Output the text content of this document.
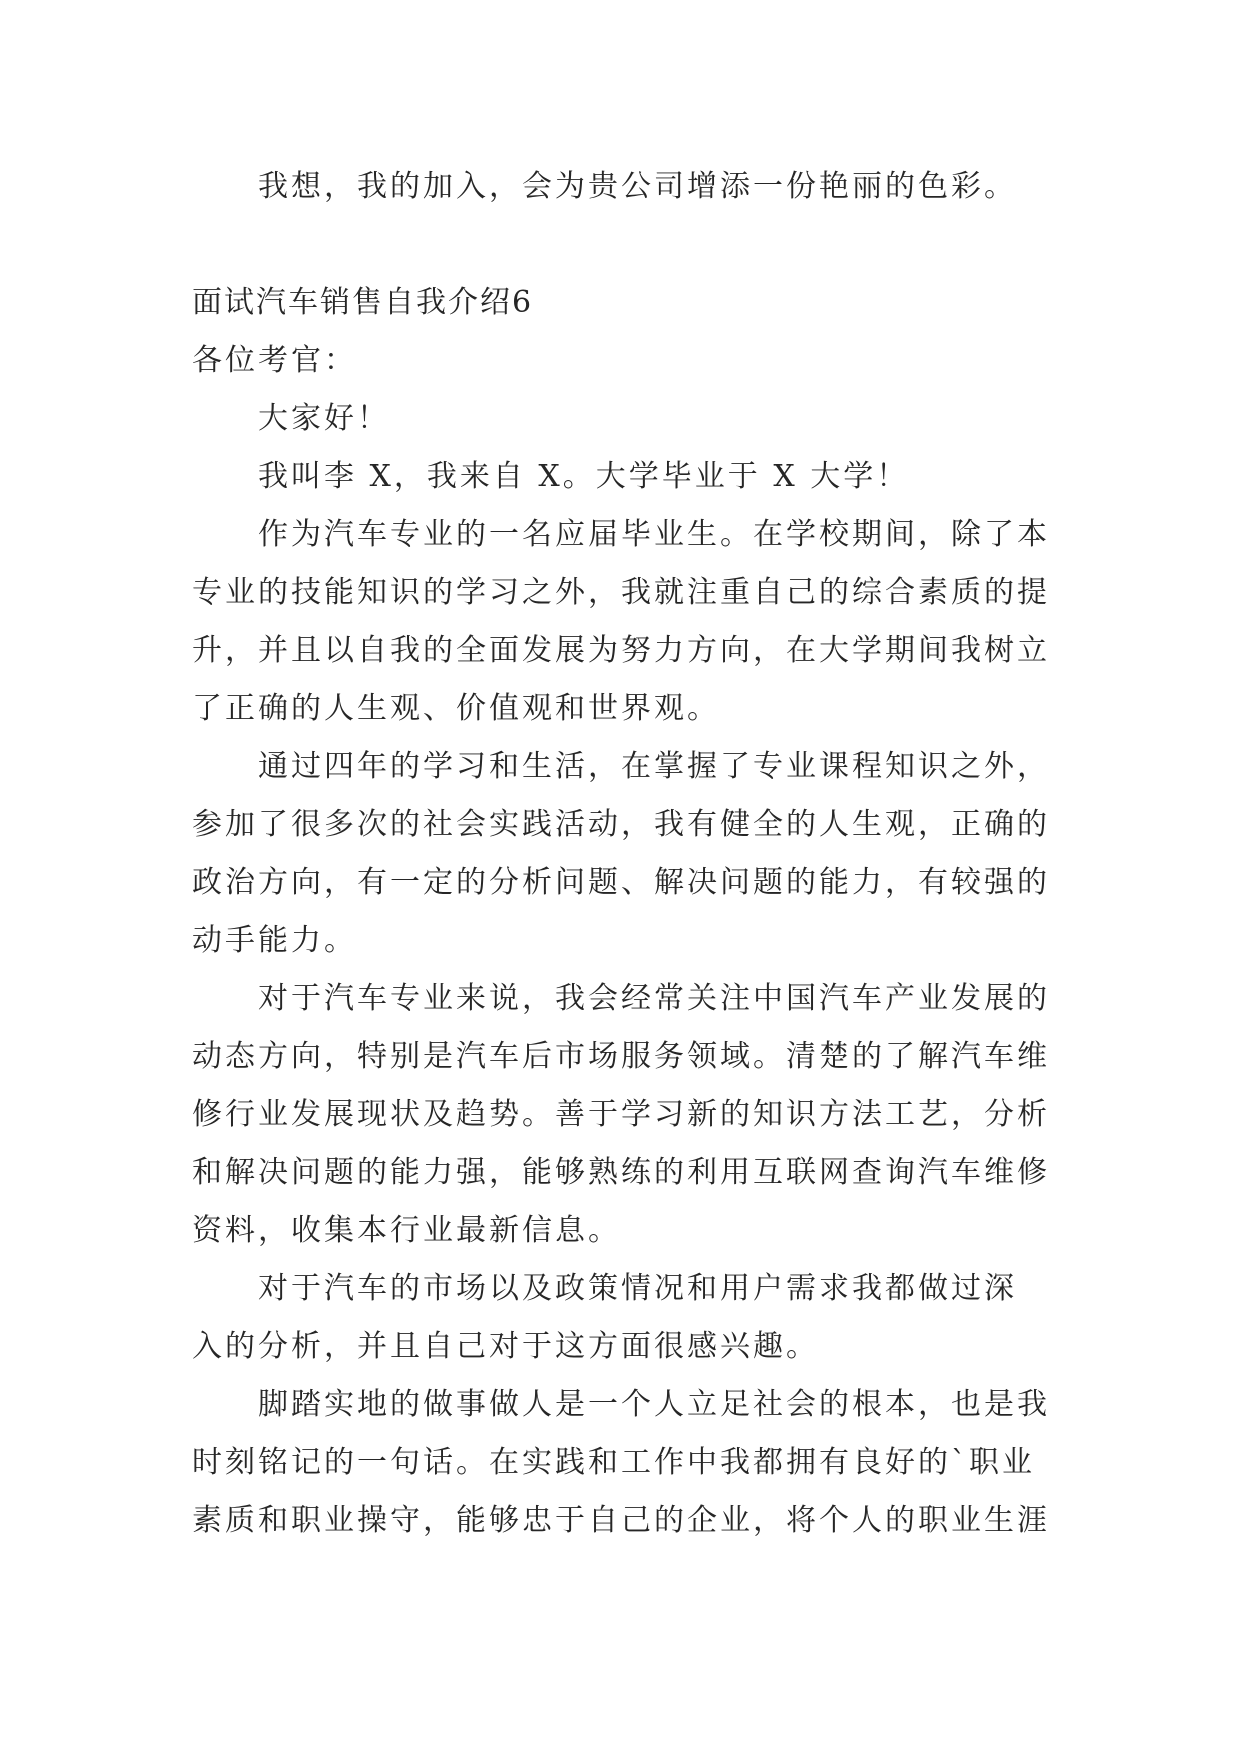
我想，我的加入，会为贵公司增添一份艳丽的色彩。
面试汽车销售自我介绍6
各位考官：
大家好！
我叫李 X，我来自 X。大学毕业于 X 大学！
作为汽车专业的一名应届毕业生。在学校期间，除了本
专业的技能知识的学习之外，我就注重自己的综合素质的提
升，并且以自我的全面发展为努力方向，在大学期间我树立
了正确的人生观、价值观和世界观。
通过四年的学习和生活，在掌握了专业课程知识之外，
参加了很多次的社会实践活动，我有健全的人生观，正确的
政治方向，有一定的分析问题、解决问题的能力，有较强的
动手能力。
对于汽车专业来说，我会经常关注中国汽车产业发展的
动态方向，特别是汽车后市场服务领域。清楚的了解汽车维
修行业发展现状及趋势。善于学习新的知识方法工艺，分析
和解决问题的能力强，能够熟练的利用互联网查询汽车维修
资料，收集本行业最新信息。
对于汽车的市场以及政策情况和用户需求我都做过深
入的分析，并且自己对于这方面很感兴趣。
脚踏实地的做事做人是一个人立足社会的根本，也是我
时刻铭记的一句话。在实践和工作中我都拥有良好的`职业
素质和职业操守，能够忠于自己的企业，将个人的职业生涯
